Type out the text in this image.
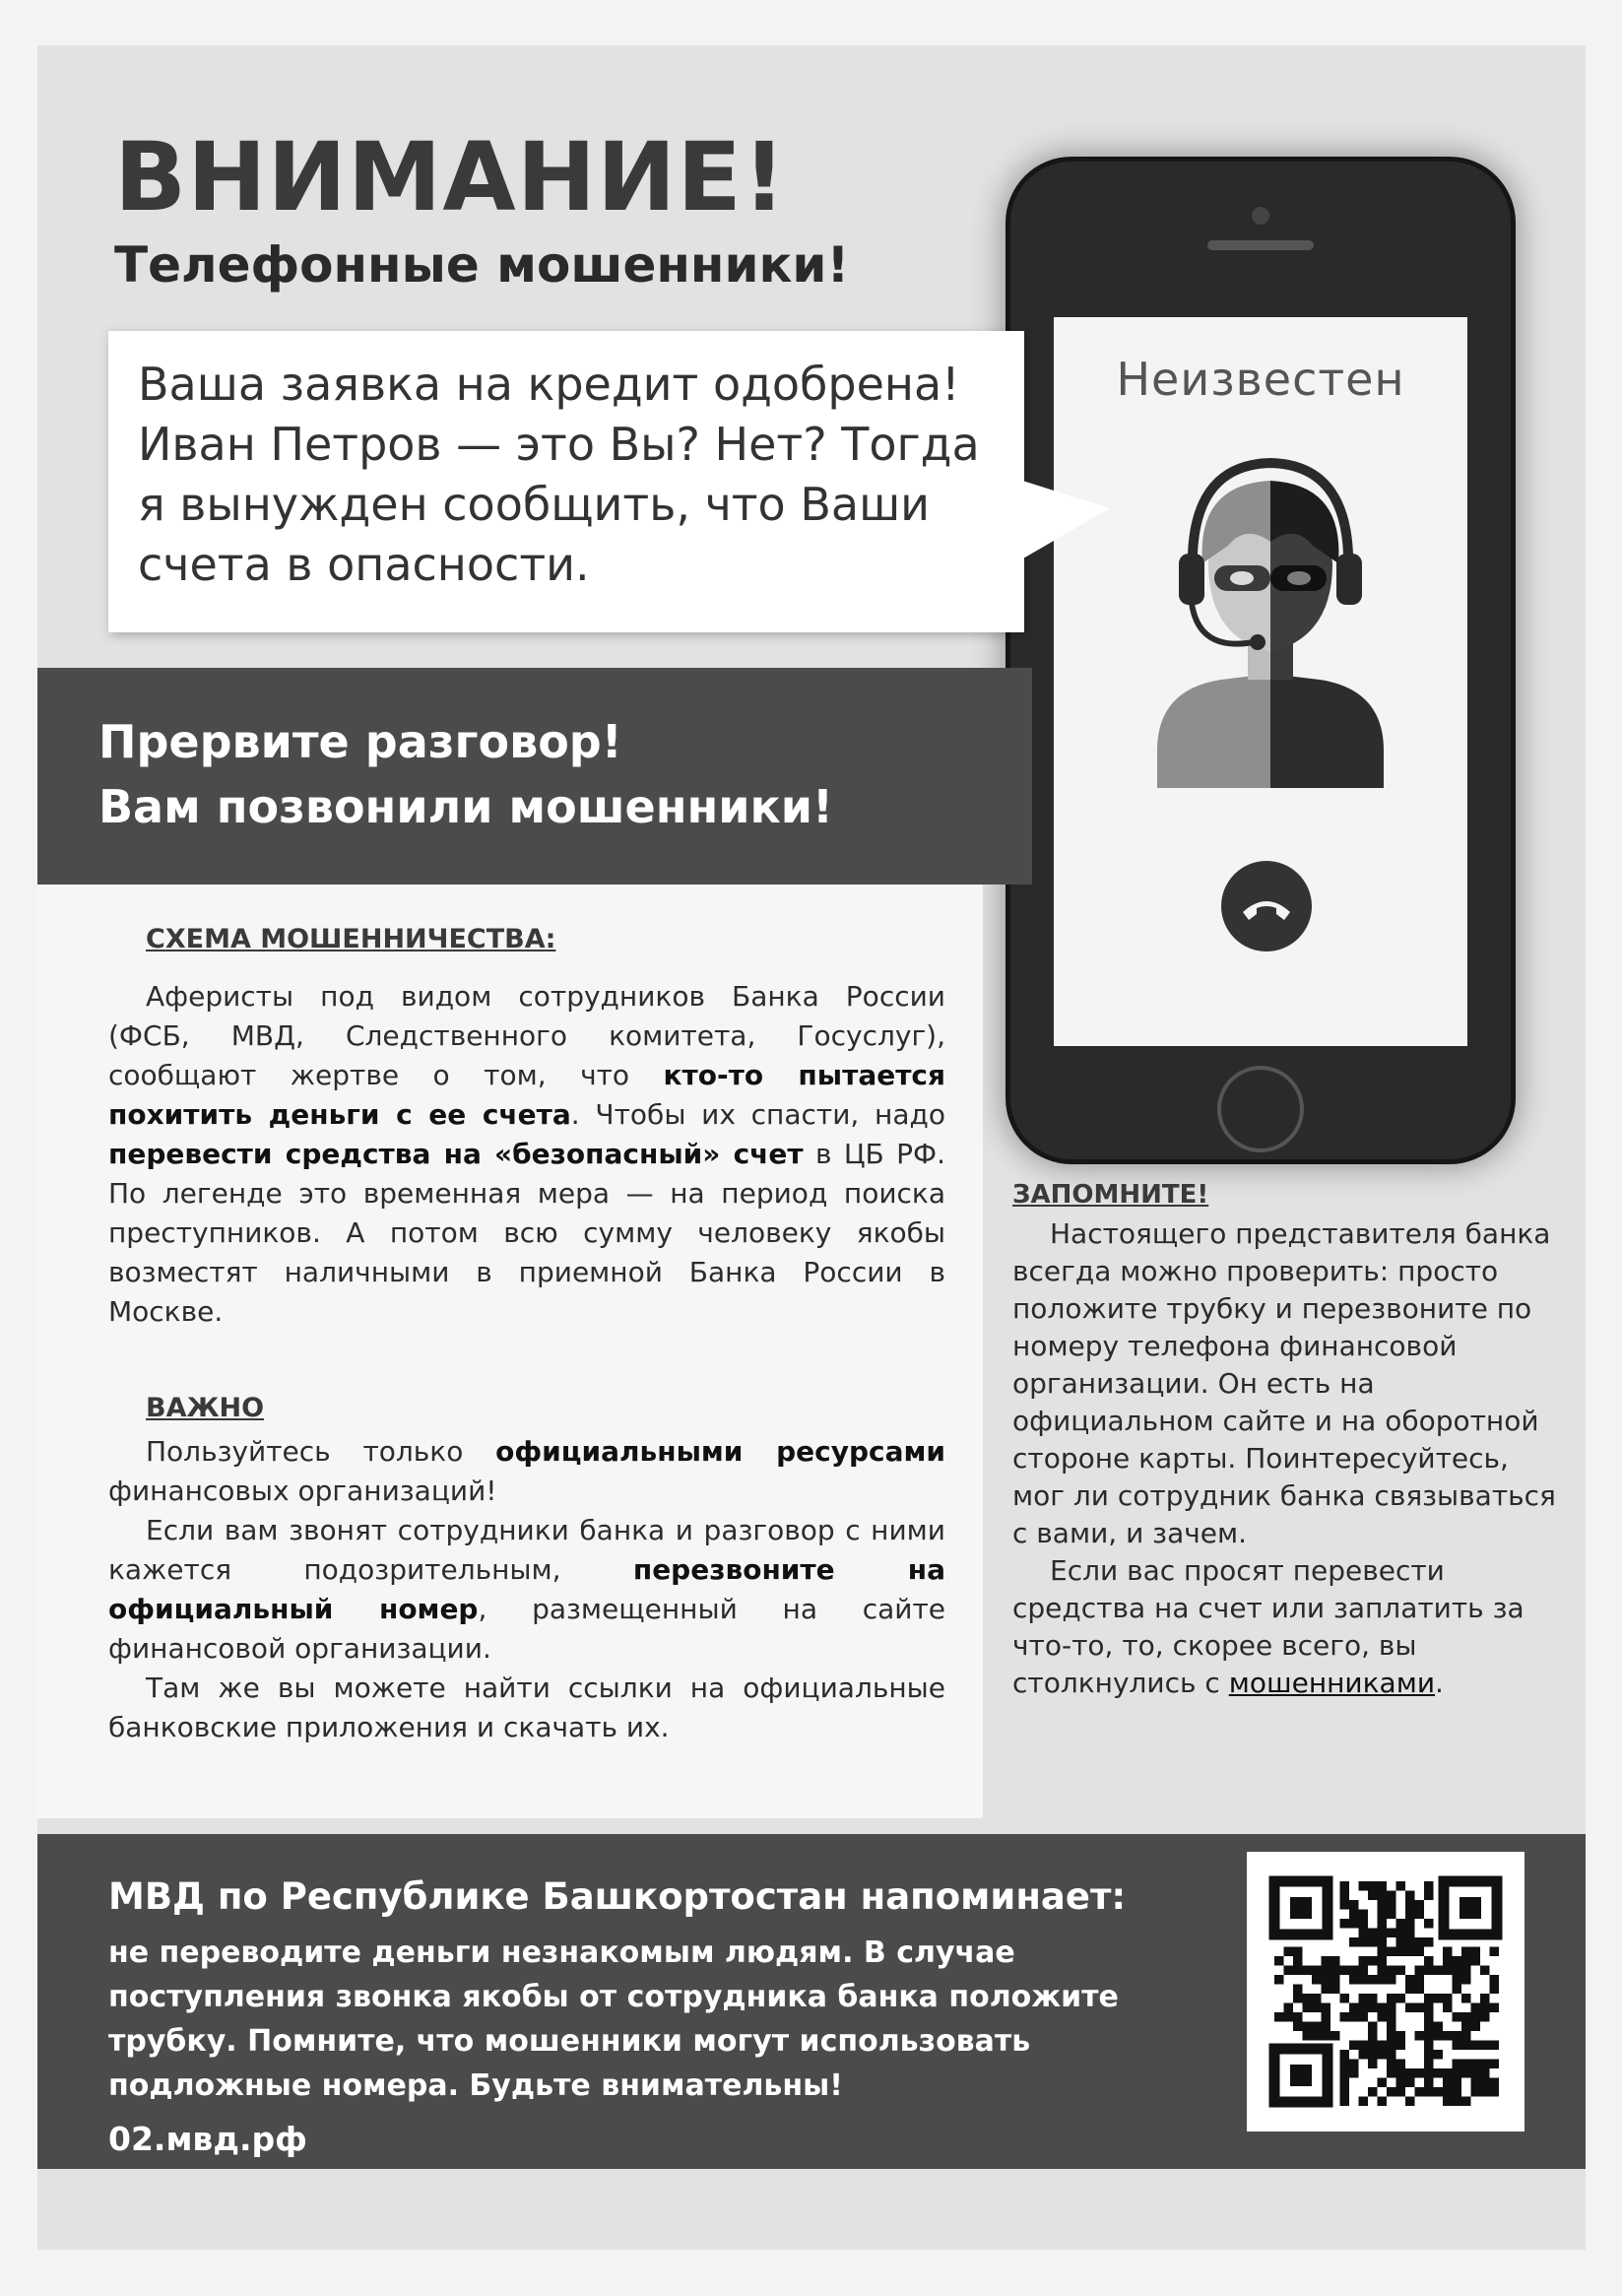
ВНИМАНИЕ!
Телефонные мошенники!
Неизвестен
Ваша заявка на кредит одобрена!
Иван Петров — это Вы? Нет? Тогда
я вынужден сообщить, что Ваши
счета в опасности.
Прервите разговор!
Вам позвонили мошенники!
СХЕМА МОШЕННИЧЕСТВА:
Аферисты под видом сотрудников Банка России (ФСБ, МВД, Следственного комитета, Госуслуг), сообщают жертве о том, что кто-то пытается похитить деньги с ее счета. Чтобы их спасти, надо перевести средства на «безопасный» счет в ЦБ РФ. По легенде это временная мера — на период поиска преступников. А потом всю сумму человеку якобы возместят наличными в приемной Банка России в Москве.
ВАЖНО
Пользуйтесь только официальными ресурсами финансовых организаций!
Если вам звонят сотрудники банка и разговор с ними кажется подозрительным, перезвоните на официальный номер, размещенный на сайте финансовой организации.
Там же вы можете найти ссылки на официальные банковские приложения и скачать их.
ЗАПОМНИТЕ!
Настоящего представителя банка всегда можно проверить: просто положите трубку и перезвоните по номеру телефона финансовой организации. Он есть на официальном сайте и на оборотной стороне карты. Поинтересуйтесь, мог ли сотрудник банка связываться с вами, и зачем.
Если вас просят перевести средства на счет или заплатить за что-то, то, скорее всего, вы столкнулись с мошенниками.
МВД по Республике Башкортостан напоминает:
не переводите деньги незнакомым людям. В случае поступления звонка якобы от сотрудника банка положите трубку. Помните, что мошенники могут использовать подложные номера. Будьте внимательны!
02.мвд.рф
